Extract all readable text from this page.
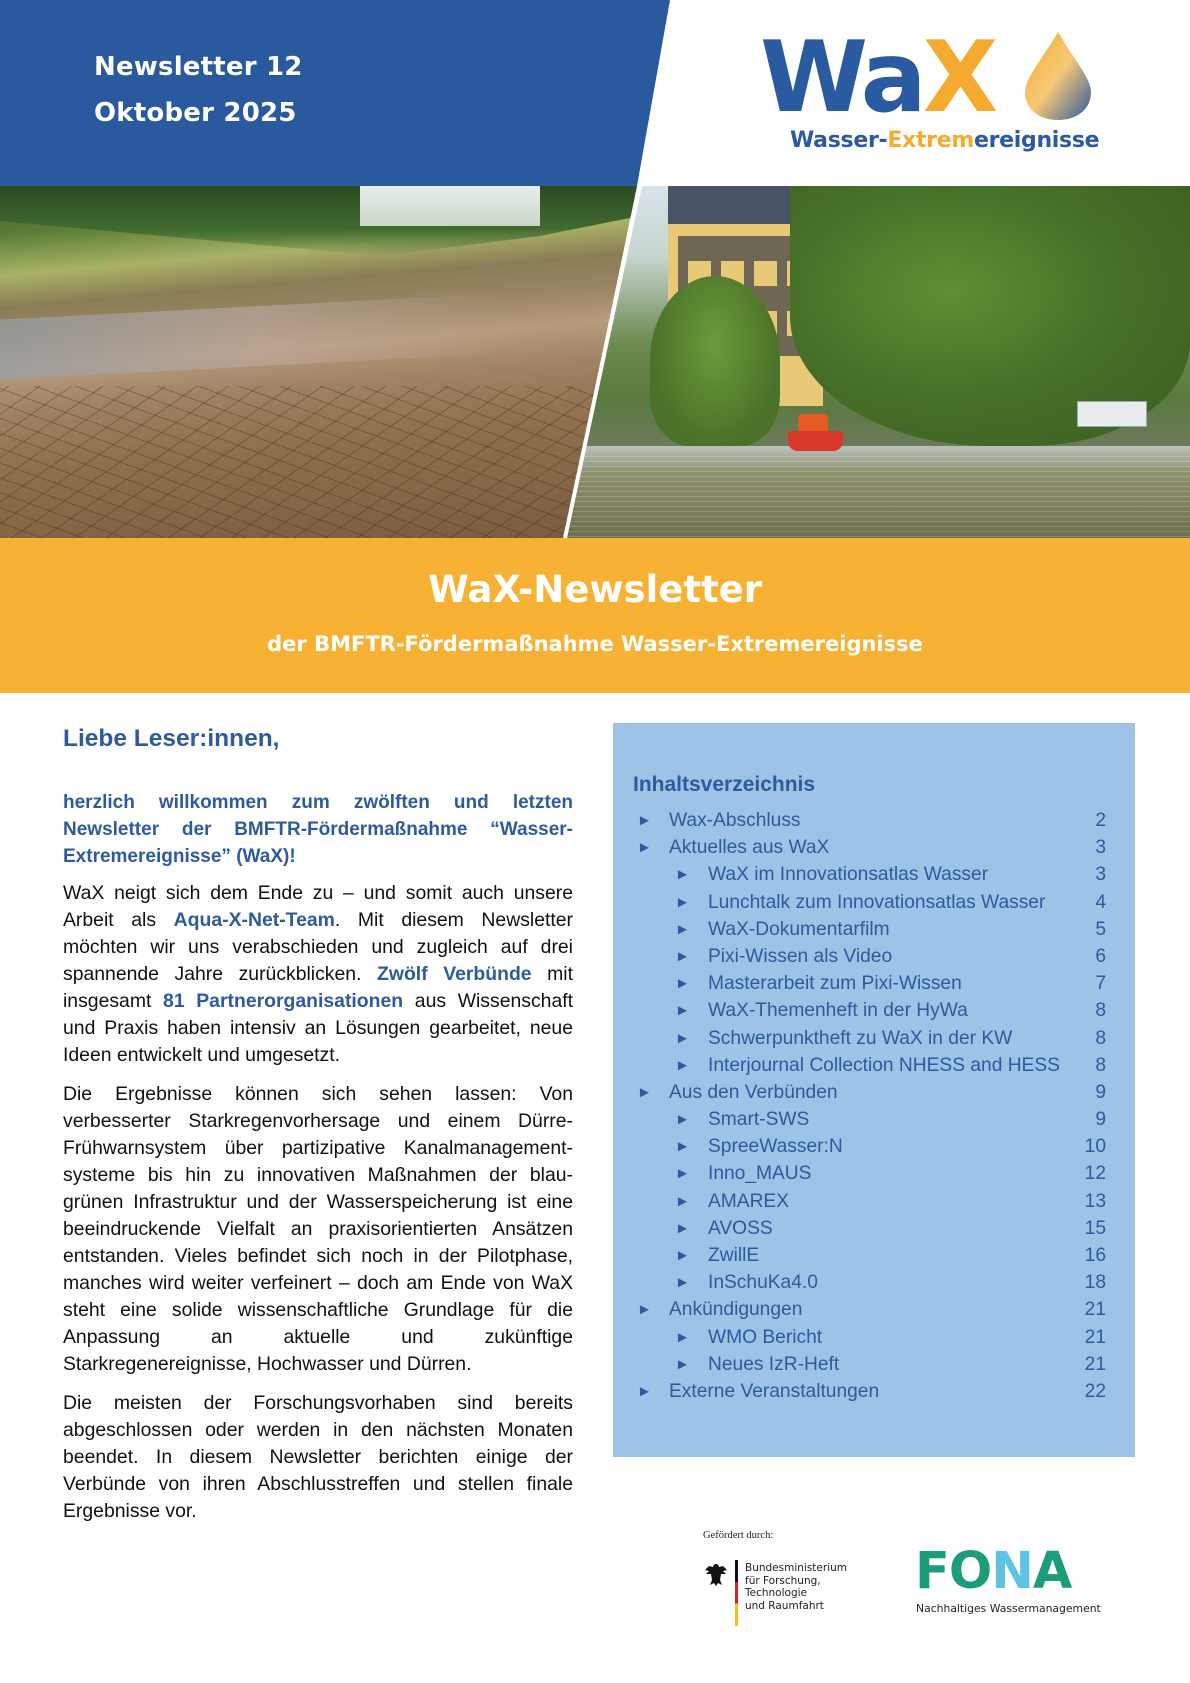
Newsletter 12
Oktober 2025	WaX
Wasser-Extremereignisse
WaX-Newsletter
der BMFTR-Fördermaßnahme Wasser-Extremereignisse
Liebe Leser:innen,

herzlich willkommen zum zwölften und letzten Newsletter der BMFTR-Fördermaßnahme “Wasser-Extremereignisse” (WaX)!

WaX neigt sich dem Ende zu – und somit auch unsere Arbeit als Aqua-X-Net-Team. Mit diesem Newsletter möchten wir uns verabschieden und zugleich auf drei spannende Jahre zurückblicken. Zwölf Verbünde mit insgesamt 81 Partnerorganisationen aus Wissenschaft und Praxis haben intensiv an Lösungen gearbeitet, neue Ideen entwickelt und umgesetzt.

Die Ergebnisse können sich sehen lassen: Von verbesserter Starkregenvorhersage und einem Dürre-Frühwarnsystem über partizipative Kanalmanagementsysteme bis hin zu innovativen Maßnahmen der blaugrünen Infrastruktur und der Wasserspeicherung ist eine beeindruckende Vielfalt an praxisorientierten Ansätzen entstanden. Vieles befindet sich noch in der Pilotphase, manches wird weiter verfeinert – doch am Ende von WaX steht eine solide wissenschaftliche Grundlage für die Anpassung an aktuelle und zukünftige Starkregenereignisse, Hochwasser und Dürren.

Die meisten der Forschungsvorhaben sind bereits abgeschlossen oder werden in den nächsten Monaten beendet. In diesem Newsletter berichten einige der Verbünde von ihren Abschlusstreffen und stellen finale Ergebnisse vor.

Inhaltsverzeichnis
► Wax-Abschluss	2
► Aktuelles aus WaX	3
► WaX im Innovationsatlas Wasser	3
► Lunchtalk zum Innovationsatlas Wasser	4
► WaX-Dokumentarfilm	5
► Pixi-Wissen als Video	6
► Masterarbeit zum Pixi-Wissen	7
► WaX-Themenheft in der HyWa	8
► Schwerpunktheft zu WaX in der KW	8
► Interjournal Collection NHESS and HESS 8
► Aus den Verbünden	9
► Smart-SWS	9
► SpreeWasser:N	10
► Inno_MAUS	12
► AMAREX	13
► AVOSS	15
► ZwillE	16
► InSchuKa4.0	18
► Ankündigungen	21
► WMO Bericht	21
► Neues IzR-Heft	21
► Externe Veranstaltungen	22
Gefördert durch:
Bundesministerium
für Forschung, Technologie
und Raumfahrt
FONA
Nachhaltiges Wassermanagement
